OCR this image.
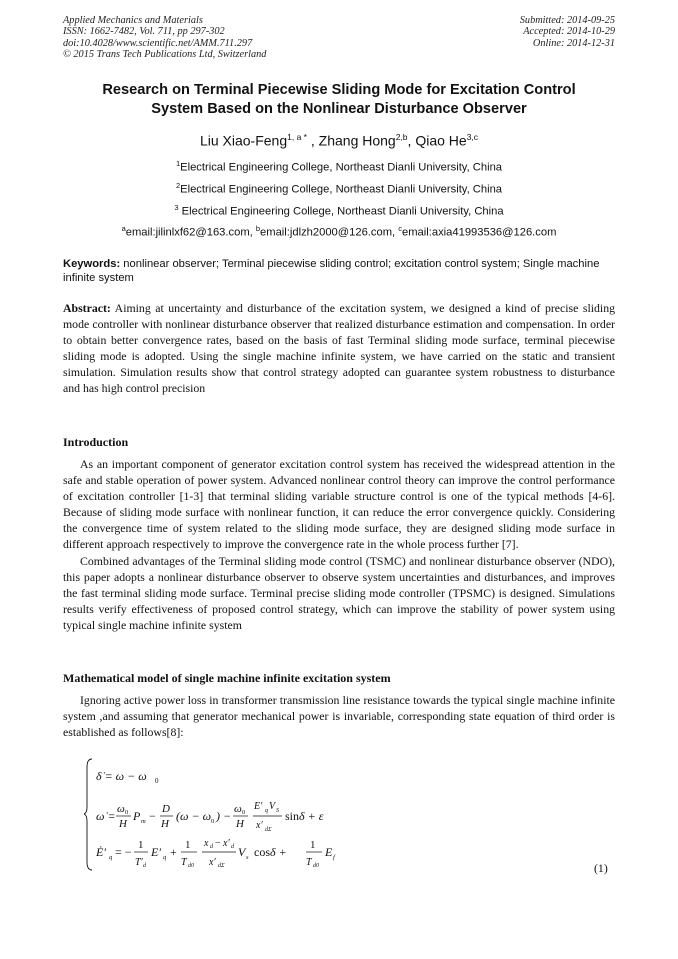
Applied Mechanics and Materials
ISSN: 1662-7482, Vol. 711, pp 297-302
doi:10.4028/www.scientific.net/AMM.711.297
© 2015 Trans Tech Publications Ltd, Switzerland
Submitted: 2014-09-25
Accepted: 2014-10-29
Online: 2014-12-31
Research on Terminal Piecewise Sliding Mode for Excitation Control
System Based on the Nonlinear Disturbance Observer
Liu Xiao-Feng$^{1, a *}$ , Zhang Hong$^{2,b}$, Qiao He$^{3,c}$
$^1$Electrical Engineering College, Northeast Dianli University, China
$^2$Electrical Engineering College, Northeast Dianli University, China
$^3$ Electrical Engineering College, Northeast Dianli University, China
$^a$email:jilinlxf62@163.com, $^b$email:jdlzh2000@126.com, $^c$email:axia41993536@126.com
Keywords: nonlinear observer; Terminal piecewise sliding control; excitation control system; Single machine infinite system

Abstract: Aiming at uncertainty and disturbance of the excitation system, we designed a kind of precise sliding mode controller with nonlinear disturbance observer that realized disturbance estimation and compensation. In order to obtain better convergence rates, based on the basis of fast Terminal sliding mode surface, terminal piecewise sliding mode is adopted. Using the single machine infinite system, we have carried on the static and transient simulation. Simulation results show that control strategy adopted can guarantee system robustness to disturbance and has high control precision

Introduction

As an important component of generator excitation control system has received the widespread attention in the safe and stable operation of power system. Advanced nonlinear control theory can improve the control performance of excitation controller [1-3] that terminal sliding variable structure control is one of the typical methods [4-6]. Because of sliding mode surface with nonlinear function, it can reduce the error convergence quickly. Considering the convergence time of system related to the sliding mode surface, they are designed sliding mode surface in different approach respectively to improve the convergence rate in the whole process further [7].

Combined advantages of the Terminal sliding mode control (TSMC) and nonlinear disturbance observer (NDO), this paper adopts a nonlinear disturbance observer to observe system uncertainties and disturbances, and improves the fast terminal sliding mode surface. Terminal precise sliding mode controller (TPSMC) is designed. Simulations results verify effectiveness of proposed control strategy, which can improve the stability of power system using typical single machine infinite system

Mathematical model of single machine infinite excitation system

Ignoring active power loss in transformer transmission line resistance towards the typical single machine infinite system ,and assuming that generator mechanical power is invariable, corresponding state equation of third order is established as follows[8]:

δ̇ = ω − ω 0
ω̇ = ω 0
H
P m − D
H
(ω − ω 0 ) − ω 0
H
E′ q V S
x′ dΣ
sinδ + ε
Ė′ q = − 1
T′ d
E′ q + 1
T d0
x d − x′ d
x′ dΣ
V s cosδ + 1
T d0
E f
(1)
